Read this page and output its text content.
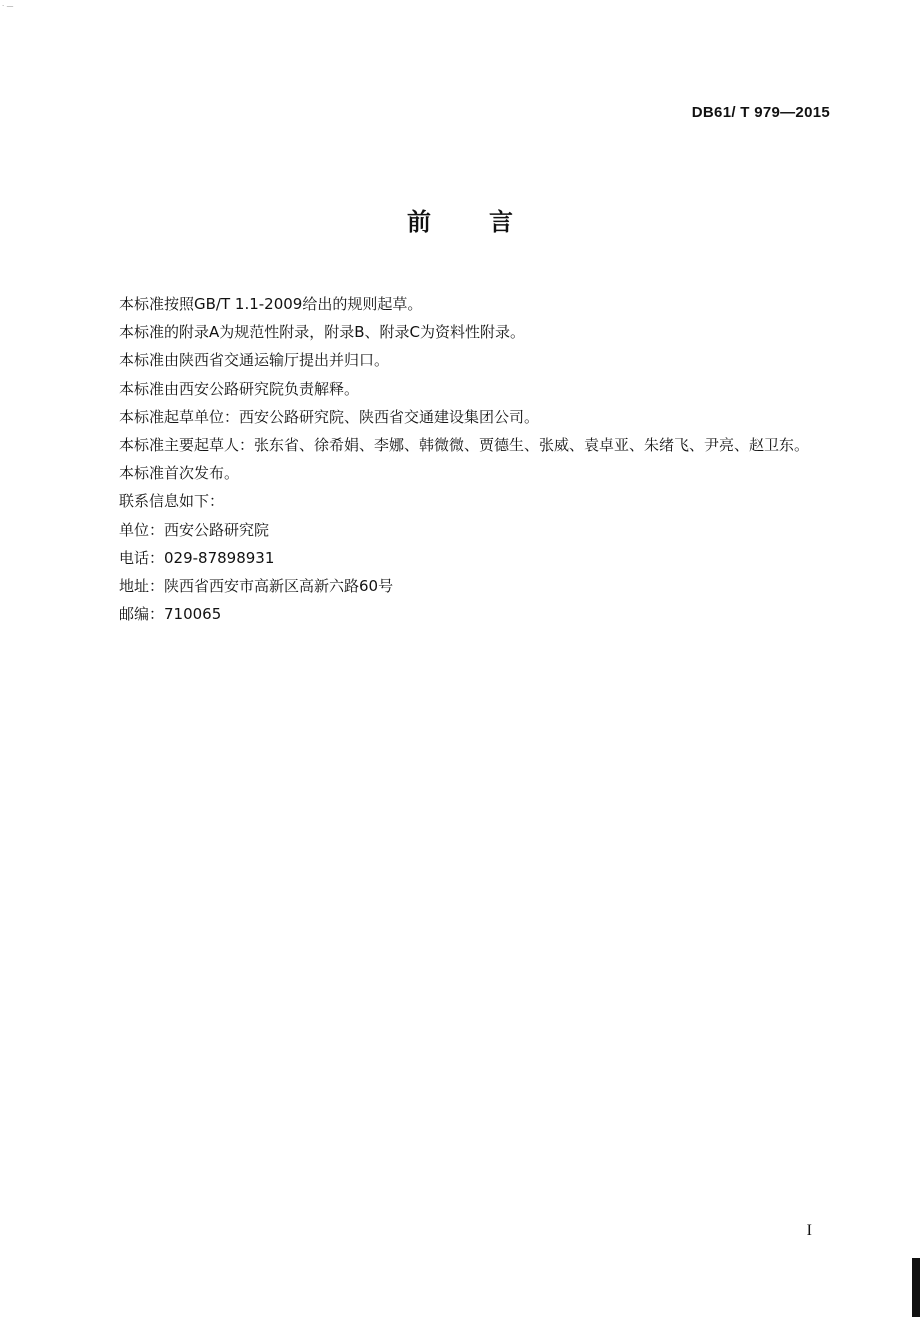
· —
DB61/ T 979—2015
前言

本标准按照GB/T 1.1-2009给出的规则起草。

本标准的附录A为规范性附录，附录B、附录C为资料性附录。

本标准由陕西省交通运输厅提出并归口。

本标准由西安公路研究院负责解释。

本标准起草单位：西安公路研究院、陕西省交通建设集团公司。

本标准主要起草人：张东省、徐希娟、李娜、韩微微、贾德生、张威、袁卓亚、朱绪飞、尹亮、赵卫东。

本标准首次发布。

联系信息如下：

单位：西安公路研究院

电话：029-87898931

地址：陕西省西安市高新区高新六路60号

邮编：710065

I
